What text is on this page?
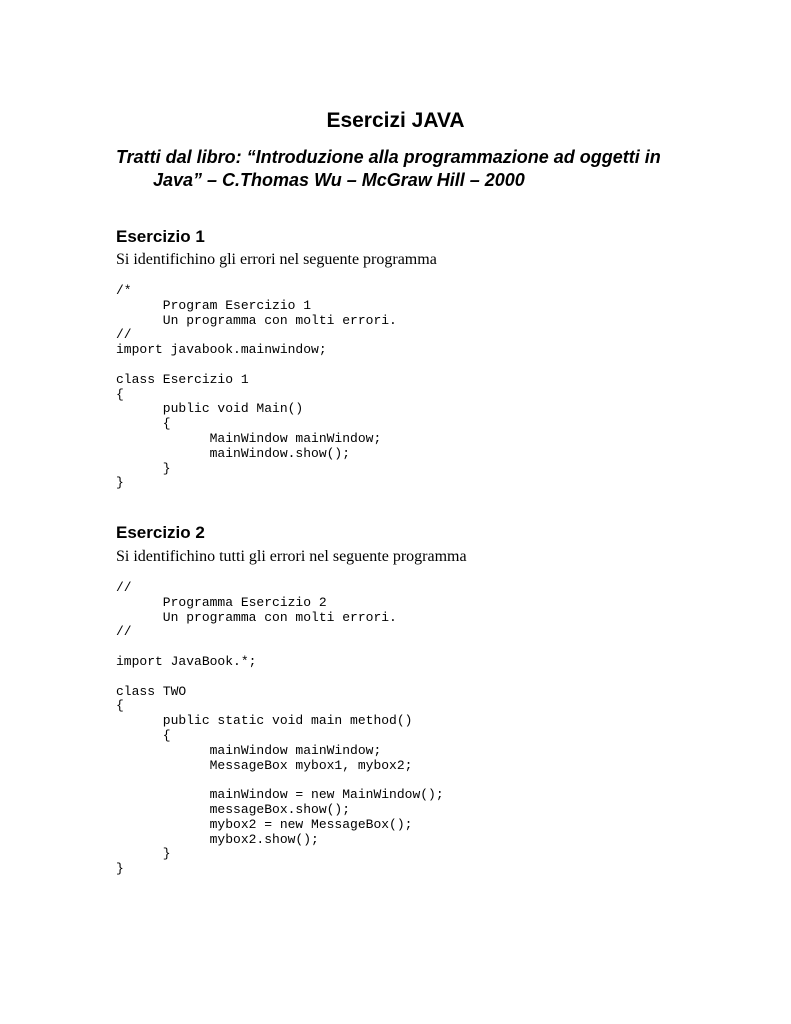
Esercizi JAVA

Tratti dal libro: “Introduzione alla programmazione ad oggetti in
Java” – C.Thomas Wu – McGraw Hill – 2000

Esercizio 1

Si identifichino gli errori nel seguente programma

/*
Program Esercizio 1
Un programma con molti errori.
//
import javabook.mainwindow;
class Esercizio 1
{
public void Main()
{
MainWindow mainWindow;
mainWindow.show();
}
}
Esercizio 2

Si identifichino tutti gli errori nel seguente programma

//
Programma Esercizio 2
Un programma con molti errori.
//
import JavaBook.*;
class TWO
{
public static void main method()
{
mainWindow mainWindow;
MessageBox mybox1, mybox2;
mainWindow = new MainWindow();
messageBox.show();
mybox2 = new MessageBox();
mybox2.show();
}
}
